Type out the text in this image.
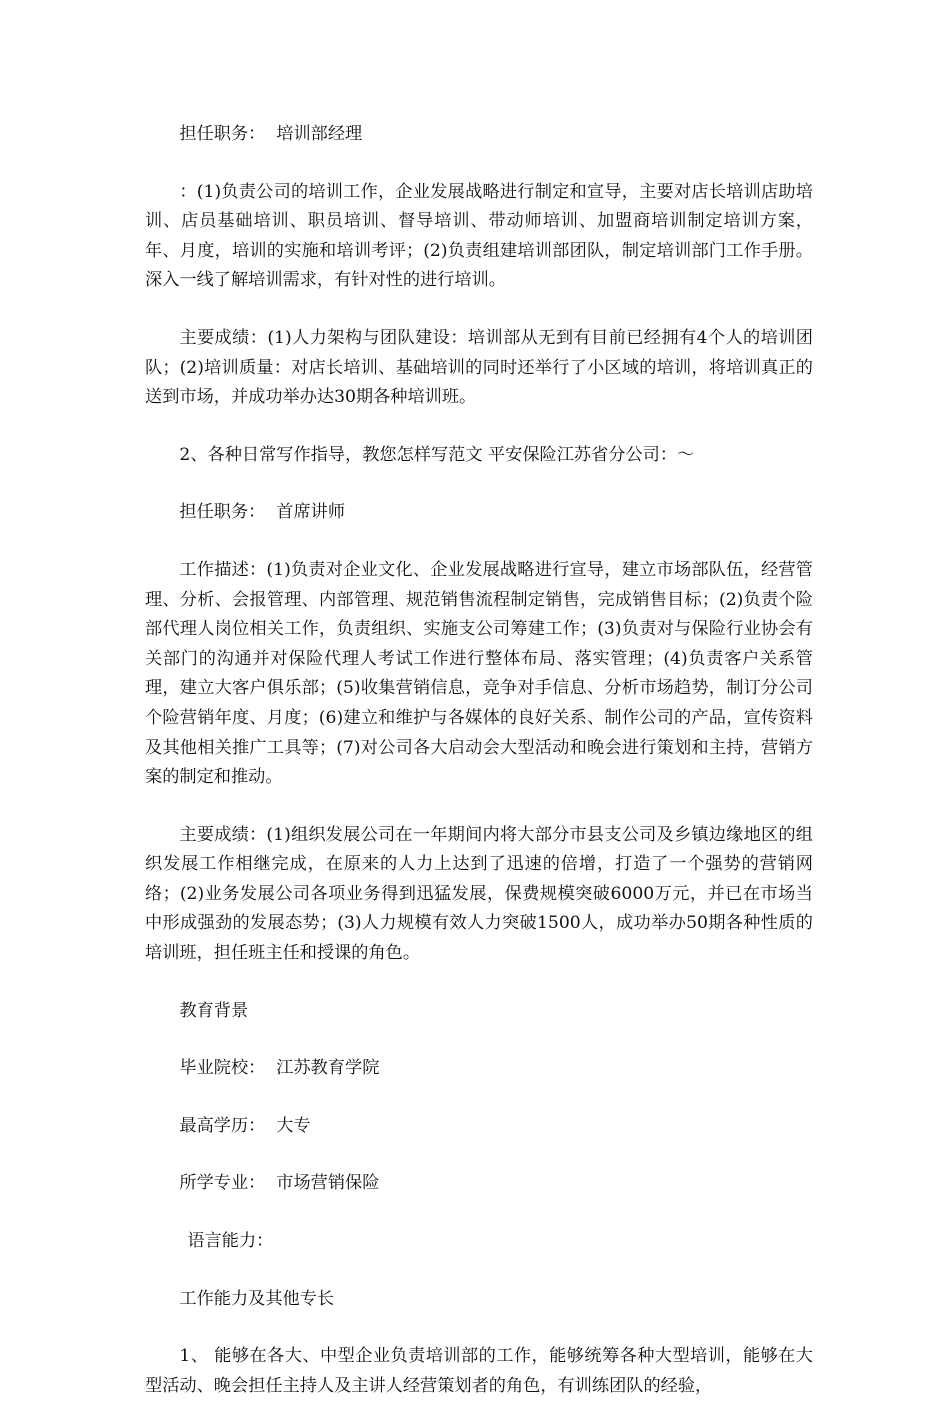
担任职务：  培训部经理

：(1)负责公司的培训工作，企业发展战略进行制定和宣导，主要对店长培训店助培训、店员基础培训、职员培训、督导培训、带动师培训、加盟商培训制定培训方案，年、月度，培训的实施和培训考评；(2)负责组建培训部团队，制定培训部门工作手册。深入一线了解培训需求，有针对性的进行培训。

主要成绩：(1)人力架构与团队建设：培训部从无到有目前已经拥有4个人的培训团队；(2)培训质量：对店长培训、基础培训的同时还举行了小区域的培训，将培训真正的送到市场，并成功举办达30期各种培训班。

2、各种日常写作指导，教您怎样写范文 平安保险江苏省分公司：～

担任职务：  首席讲师

工作描述：(1)负责对企业文化、企业发展战略进行宣导，建立市场部队伍，经营管理、分析、会报管理、内部管理、规范销售流程制定销售，完成销售目标；(2)负责个险部代理人岗位相关工作，负责组织、实施支公司筹建工作；(3)负责对与保险行业协会有关部门的沟通并对保险代理人考试工作进行整体布局、落实管理；(4)负责客户关系管理，建立大客户俱乐部；(5)收集营销信息，竞争对手信息、分析市场趋势，制订分公司个险营销年度、月度；(6)建立和维护与各媒体的良好关系、制作公司的产品，宣传资料及其他相关推广工具等；(7)对公司各大启动会大型活动和晚会进行策划和主持，营销方案的制定和推动。

主要成绩：(1)组织发展公司在一年期间内将大部分市县支公司及乡镇边缘地区的组织发展工作相继完成，在原来的人力上达到了迅速的倍增，打造了一个强势的营销网络；(2)业务发展公司各项业务得到迅猛发展，保费规模突破6000万元，并已在市场当中形成强劲的发展态势；(3)人力规模有效人力突破1500人，成功举办50期各种性质的培训班，担任班主任和授课的角色。

教育背景

毕业院校：  江苏教育学院

最高学历：  大专

所学专业：  市场营销保险

语言能力：

工作能力及其他专长

1、 能够在各大、中型企业负责培训部的工作，能够统筹各种大型培训，能够在大型活动、晚会担任主持人及主讲人经营策划者的角色，有训练团队的经验，
